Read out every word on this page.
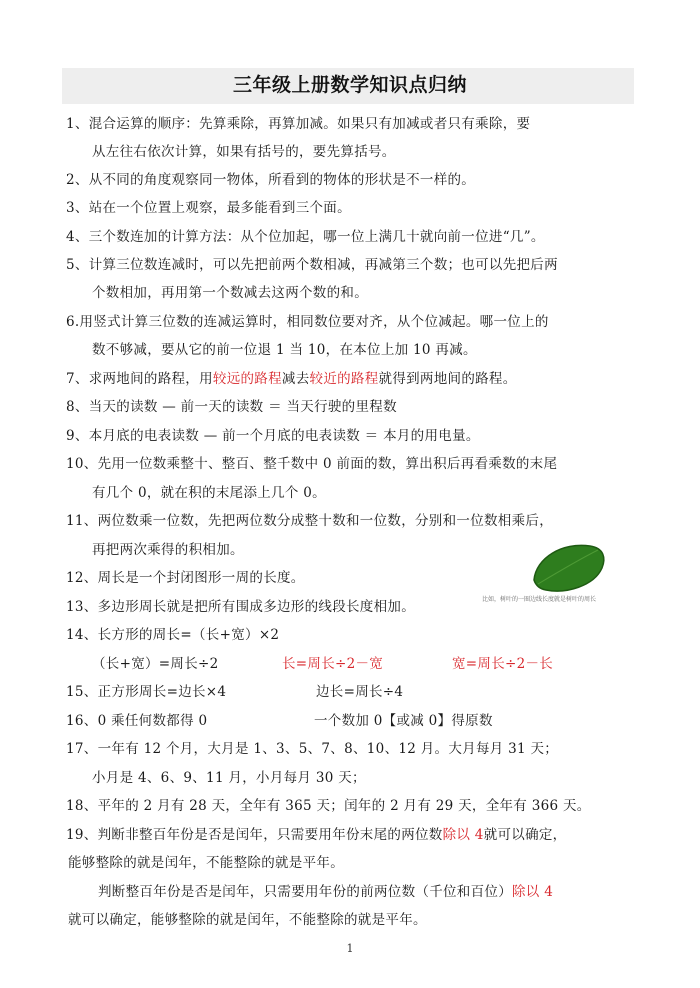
三年级上册数学知识点归纳
1、混合运算的顺序：先算乘除，再算加减。如果只有加减或者只有乘除，要
从左往右依次计算，如果有括号的，要先算括号。
2、从不同的角度观察同一物体，所看到的物体的形状是不一样的。
3、站在一个位置上观察，最多能看到三个面。
4、三个数连加的计算方法：从个位加起，哪一位上满几十就向前一位进“几”。
5、计算三位数连减时，可以先把前两个数相减，再减第三个数；也可以先把后两
个数相加，再用第一个数减去这两个数的和。
6.用竖式计算三位数的连减运算时，相同数位要对齐，从个位减起。哪一位上的
数不够减，要从它的前一位退 1 当 10，在本位上加 10 再减。
7、求两地间的路程，用较远的路程减去较近的路程就得到两地间的路程。
8、当天的读数 — 前一天的读数 ＝ 当天行驶的里程数
9、本月底的电表读数 — 前一个月底的电表读数 ＝ 本月的用电量。
10、先用一位数乘整十、整百、整千数中 0 前面的数，算出积后再看乘数的末尾
有几个 0，就在积的末尾添上几个 0。
11、两位数乘一位数，先把两位数分成整十数和一位数，分别和一位数相乘后，
再把两次乘得的积相加。
12、周长是一个封闭图形一周的长度。
13、多边形周长就是把所有围成多边形的线段长度相加。
14、长方形的周长=（长+宽）×2
（长+宽）=周长÷2	长=周长÷2－宽	宽=周长÷2－长
15、正方形周长=边长×4	边长=周长÷4
16、0 乘任何数都得 0	一个数加 0【或减 0】得原数
17、一年有 12 个月，大月是 1、3、5、7、8、10、12 月。大月每月 31 天；
小月是 4、6、9、11 月，小月每月 30 天；
18、平年的 2 月有 28 天，全年有 365 天；闰年的 2 月有 29 天，全年有 366 天。
19、判断非整百年份是否是闰年，只需要用年份末尾的两位数除以 4就可以确定，
能够整除的就是闰年，不能整除的就是平年。
判断整百年份是否是闰年，只需要用年份的前两位数（千位和百位）除以 4
就可以确定，能够整除的就是闰年，不能整除的就是平年。
比如，树叶的一圈边线长度就是树叶的周长
1
